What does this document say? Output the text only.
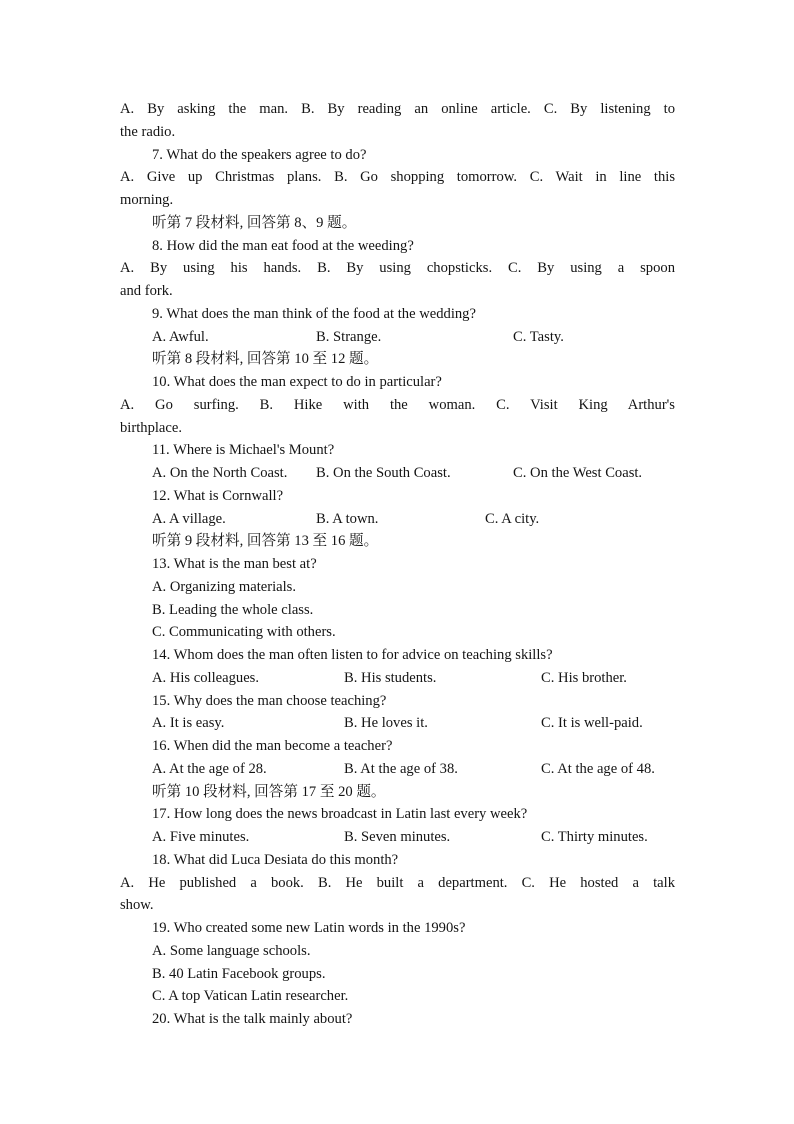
A. By asking the man. B. By reading an online article. C. By listening to
the radio.
7. What do the speakers agree to do?
A. Give up Christmas plans. B. Go shopping tomorrow. C. Wait in line this
morning.
听第 7 段材料, 回答第 8、9 题。
8. How did the man eat food at the weeding?
A. By using his hands. B. By using chopsticks. C. By using a spoon
and fork.
9. What does the man think of the food at the wedding?
A. Awful.	B. Strange.	C. Tasty.
听第 8 段材料, 回答第 10 至 12 题。
10. What does the man expect to do in particular?
A. Go surfing. B. Hike with the woman. C. Visit King Arthur's
birthplace.
11. Where is Michael's Mount?
A. On the North Coast. B. On the South Coast.	C. On the West Coast.
12. What is Cornwall?
A. A village.	B. A town.	C. A city.
听第 9 段材料, 回答第 13 至 16 题。
13. What is the man best at?
A. Organizing materials.
B. Leading the whole class.
C. Communicating with others.
14. Whom does the man often listen to for advice on teaching skills?
A. His colleagues.	B. His students.	C. His brother.
15. Why does the man choose teaching?
A. It is easy.	B. He loves it.	C. It is well-paid.
16. When did the man become a teacher?
A. At the age of 28.	B. At the age of 38.	C. At the age of 48.
听第 10 段材料, 回答第 17 至 20 题。
17. How long does the news broadcast in Latin last every week?
A. Five minutes.	B. Seven minutes.	C. Thirty minutes.
18. What did Luca Desiata do this month?
A. He published a book. B. He built a department. C. He hosted a talk
show.
19. Who created some new Latin words in the 1990s?
A. Some language schools.
B. 40 Latin Facebook groups.
C. A top Vatican Latin researcher.
20. What is the talk mainly about?
